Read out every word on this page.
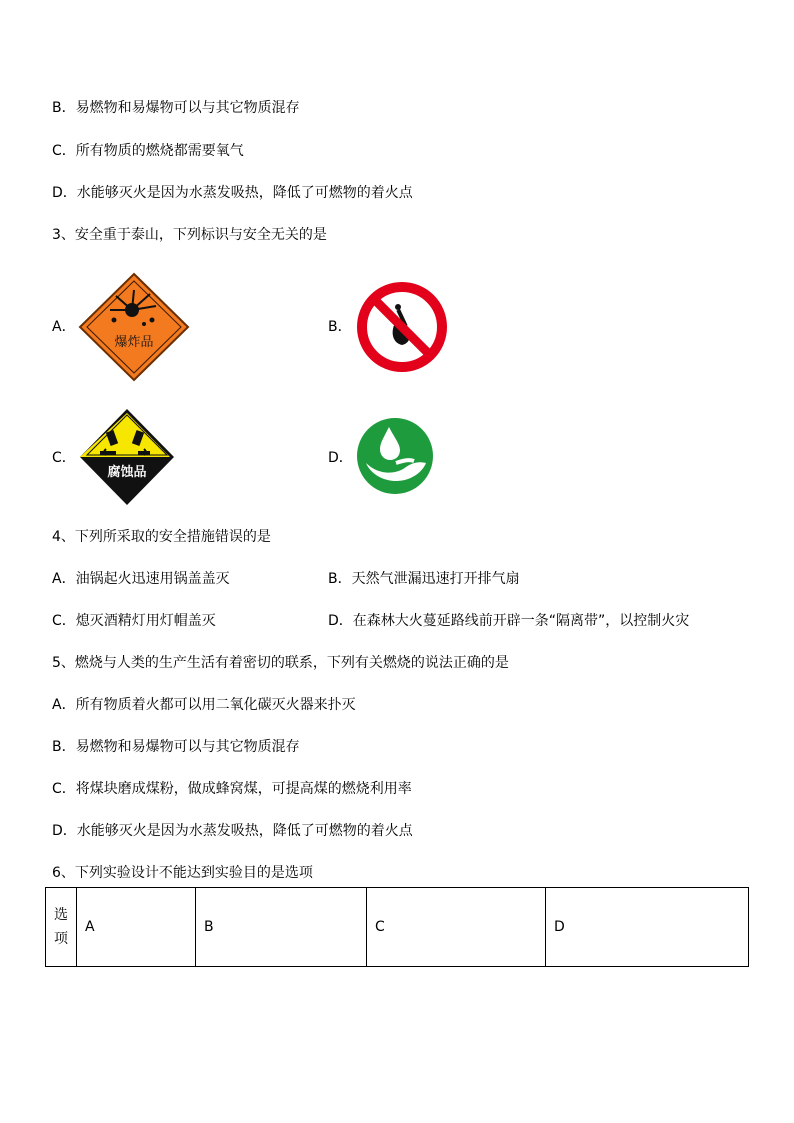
B．易燃物和易爆物可以与其它物质混存
C．所有物质的燃烧都需要氧气
D．水能够灭火是因为水蒸发吸热，降低了可燃物的着火点
3、安全重于泰山，下列标识与安全无关的是
A．
爆炸品
B．
C．
腐蚀品
D．
4、下列所采取的安全措施错误的是
A．油锅起火迅速用锅盖盖灭	B．天然气泄漏迅速打开排气扇
C．熄灭酒精灯用灯帽盖灭	D．在森林大火蔓延路线前开辟一条“隔离带”，以控制火灾
5、燃烧与人类的生产生活有着密切的联系，下列有关燃烧的说法正确的是
A．所有物质着火都可以用二氧化碳灭火器来扑灭
B．易燃物和易爆物可以与其它物质混存
C．将煤块磨成煤粉，做成蜂窝煤，可提高煤的燃烧利用率
D．水能够灭火是因为水蒸发吸热，降低了可燃物的着火点
6、下列实验设计不能达到实验目的是选项
选
项	A	B	C	D
